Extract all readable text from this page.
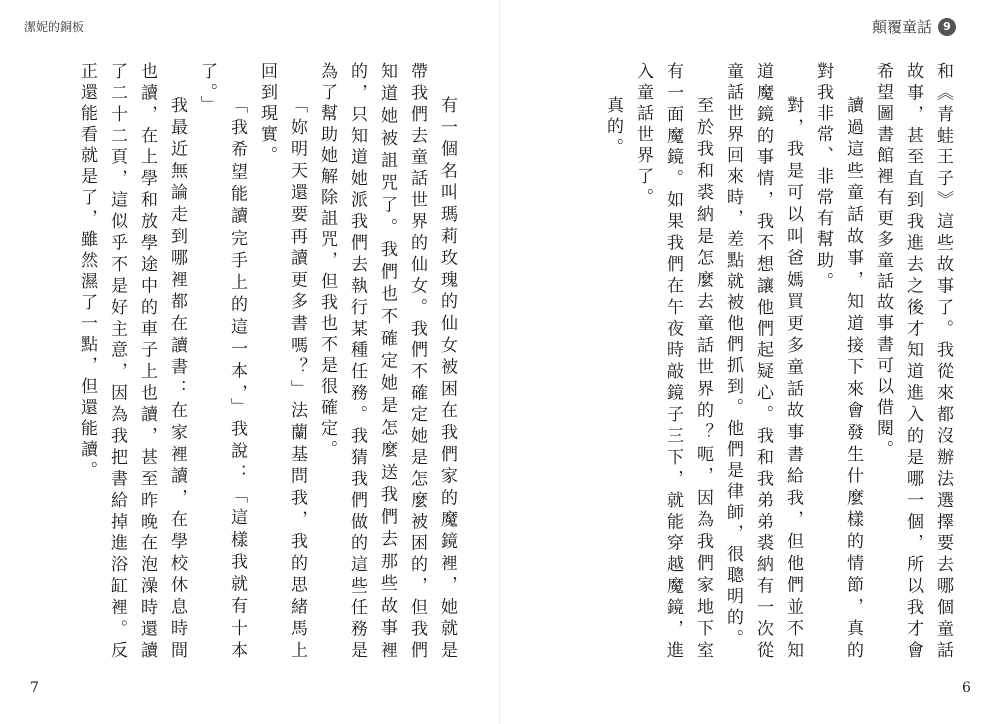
潔妮的銅板	顛覆童話	9

和《青蛙王子》這些故事了。我從來都沒辦法選擇要去哪個童話故事，甚至直到我進去之後才知道進入的是哪一個，所以我才會希望圖書館裡有更多童話故事書可以借閱。

讀過這些童話故事，知道接下來會發生什麼樣的情節，真的對我非常、非常有幫助。

對，我是可以叫爸媽買更多童話故事書給我，但他們並不知道魔鏡的事情，我不想讓他們起疑心。我和我弟弟裘納有一次從童話世界回來時，差點就被他們抓到。他們是律師，很聰明的。

至於我和裘納是怎麼去童話世界的？呃，因為我們家地下室有一面魔鏡。如果我們在午夜時敲鏡子三下，就能穿越魔鏡，進入童話世界了。

真的。

有一個名叫瑪莉玫瑰的仙女被困在我們家的魔鏡裡，她就是帶我們去童話世界的仙女。我們不確定她是怎麼被困的，但我們知道她被詛咒了。我們也不確定她是怎麼送我們去那些故事裡的，只知道她派我們去執行某種任務。我猜我們做的這些任務是為了幫助她解除詛咒，但我也不是很確定。

「妳明天還要再讀更多書嗎？」法蘭基問我，我的思緒馬上回到現實。

「我希望能讀完手上的這一本，」我說：「這樣我就有十本了。」

我最近無論走到哪裡都在讀書：在家裡讀，在學校休息時間也讀，在上學和放學途中的車子上也讀，甚至昨晚在泡澡時還讀了二十二頁，這似乎不是好主意，因為我把書給掉進浴缸裡。反正還能看就是了，雖然濕了一點，但還能讀。

7	6
